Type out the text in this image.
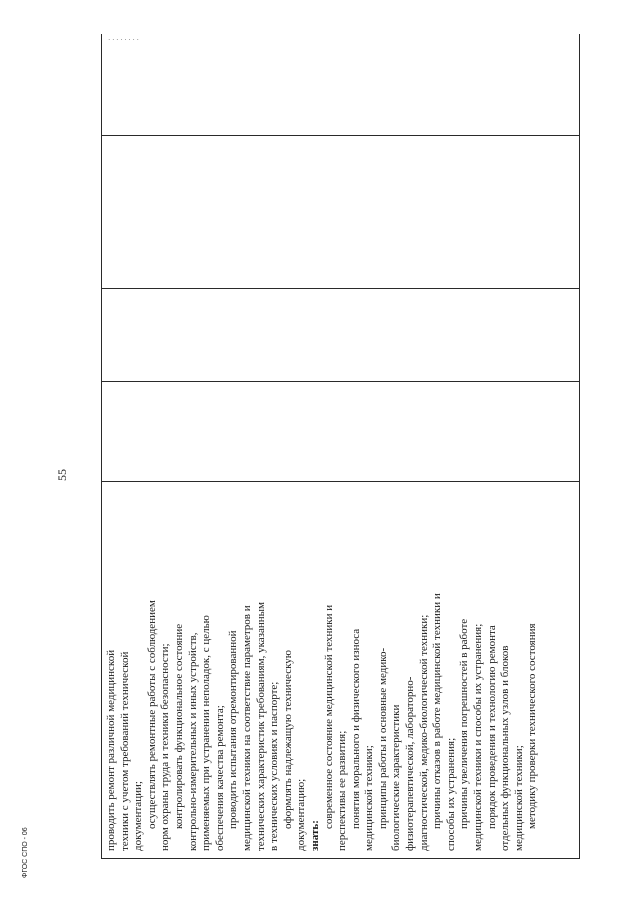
· · · · · · · ·
55
ФГОС СПО - 06
проводить ремонт различной медицинской техники с учетом требований технической документации;   осуществлять ремонтные работы с соблюдением норм охраны труда и техники безопасности;   контролировать функциональное состояние контрольно-измерительных и иных устройств, применяемых при устранении неполадок, с целью обеспечения качества ремонта;   проводить испытания отремонтированной медицинской техники на соответствие параметров и технических характеристик требованиям, указанным в технических условиях и паспорте;   оформлять надлежащую техническую документацию; знать:   современное состояние медицинской техники и перспективы ее развития;   понятия морального и физического износа медицинской техники;   принципы работы и основные медико- биологические характеристики физиотерапевтической, лабораторно- диагностической, медико-биологической техники;   причины отказов в работе медицинской техники и способы их устранения;   причины увеличения погрешностей в работе медицинской техники и способы их устранения;   порядок проведения и технологию ремонта отдельных функциональных узлов и блоков медицинской техники;   методику проверки технического состояния
